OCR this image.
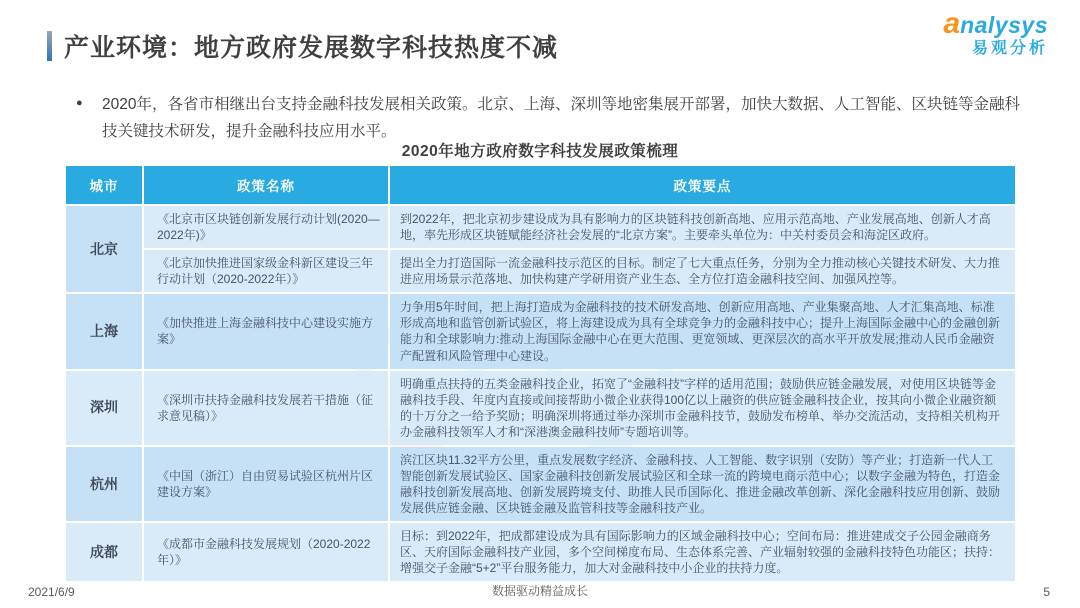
产业环境：地方政府发展数字科技热度不减
a nalysys
易观分析
●	2020年，各省市相继出台支持金融科技发展相关政策。北京、上海、深圳等地密集展开部署，加快大数据、人工智能、区块链等金融科技关键技术研发，提升金融科技应用水平。
2020年地方政府数字科技发展政策梳理
城市	政策名称	政策要点
北京	《北京市区块链创新发展行动计划(2020—2022年)》	到2022年，把北京初步建设成为具有影响力的区块链科技创新高地、应用示范高地、产业发展高地、创新人才高地，率先形成区块链赋能经济社会发展的“北京方案”。主要牵头单位为：中关村委员会和海淀区政府。
	《北京加快推进国家级金科新区建设三年行动计划（2020-2022年）》	提出全力打造国际一流金融科技示范区的目标。制定了七大重点任务，分别为全力推动核心关键技术研发、大力推进应用场景示范落地、加快构建产学研用资产业生态、全方位打造金融科技空间、加强风控等。
上海	《加快推进上海金融科技中心建设实施方案》	力争用5年时间，把上海打造成为金融科技的技术研发高地、创新应用高地、产业集聚高地、人才汇集高地、标准形成高地和监管创新试验区，将上海建设成为具有全球竞争力的金融科技中心；提升上海国际金融中心的金融创新能力和全球影响力:推动上海国际金融中心在更大范围、更宽领域、更深层次的高水平开放发展;推动人民币金融资产配置和风险管理中心建设。
深圳	《深圳市扶持金融科技发展若干措施（征求意见稿）》	明确重点扶持的五类金融科技企业，拓宽了“金融科技”字样的适用范围；鼓励供应链金融发展，对使用区块链等金融科技手段、年度内直接或间接帮助小微企业获得100亿以上融资的供应链金融科技企业，按其向小微企业融资额的十万分之一给予奖励；明确深圳将通过举办深圳市金融科技节，鼓励发布榜单、举办交流活动，支持相关机构开办金融科技领军人才和“深港澳金融科技师”专题培训等。
杭州	《中国（浙江）自由贸易试验区杭州片区建设方案》	滨江区块11.32平方公里，重点发展数字经济、金融科技、人工智能、数字识别（安防）等产业；打造新一代人工智能创新发展试验区、国家金融科技创新发展试验区和全球一流的跨境电商示范中心；以数字金融为特色，打造金融科技创新发展高地、创新发展跨境支付、助推人民币国际化、推进金融改革创新、深化金融科技应用创新、鼓励发展供应链金融、区块链金融及监管科技等金融科技产业。
成都	《成都市金融科技发展规划（2020-2022年）》	目标：到2022年，把成都建设成为具有国际影响力的区域金融科技中心；空间布局：推进建成交子公园金融商务区、天府国际金融科技产业园，多个空间梯度布局、生态体系完善、产业辐射较强的金融科技特色功能区；扶持：增强交子金融“5+2”平台服务能力，加大对金融科技中小企业的扶持力度。
2021/6/9	数据驱动精益成长	5
